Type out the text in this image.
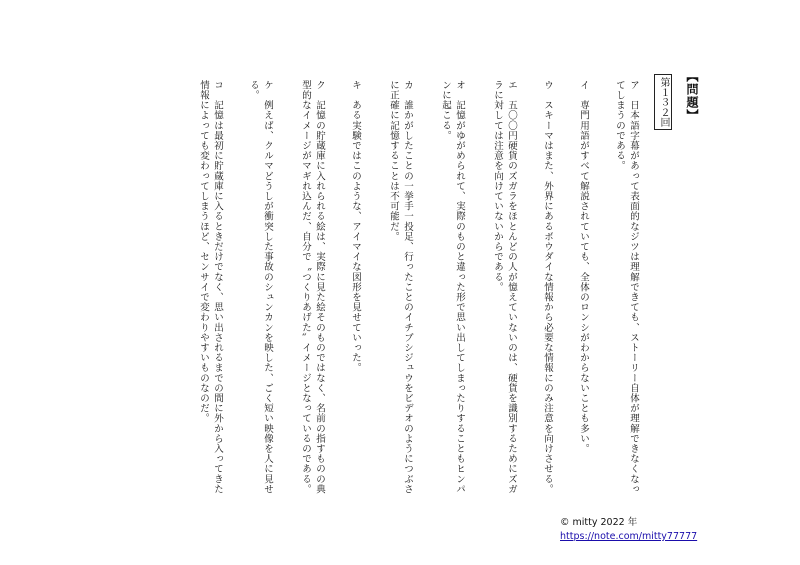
【問題】
第１３２回
ア　日本語字幕があって表面的なジツは理解できても、ストーリー自体が理解できなくなってしまうのである。
イ　専門用語がすべて解説されていても、全体のロンシがわからないことも多い。
ウ　スキーマはまた、外界にあるボウダイな情報から必要な情報にのみ注意を向けさせる。
エ　五〇〇円硬貨のズガラをほとんどの人が憶えていないのは、硬貨を識別するためにズガラに対しては注意を向けていないからである。
オ　記憶がゆがめられて、実際のものと違った形で思い出してしまったりすることもヒンパンに起こる。
カ　誰かがしたことの一挙手一投足、行ったことのイチブシジュウをビデオのようにつぶさに正確に記憶することは不可能だ。
キ　ある実験ではこのような、アイマイな図形を見せていった。
ク　記憶の貯蔵庫に入れられる絵は、実際に見た絵そのものではなく、名前の指すものの典型的なイメージがマギれ込んだ、自分で〝つくりあげた〟イメージとなっているのである。
ケ　例えば、クルマどうしが衝突した事故のシュンカンを映した、ごく短い映像を人に見せる。
コ　記憶は最初に貯蔵庫に入るときだけでなく、思い出されるまでの間に外から入ってきた情報によっても変わってしまうほど、センサイで変わりやすいものなのだ。
© mitty 2022 年
https://note.com/mitty77777
